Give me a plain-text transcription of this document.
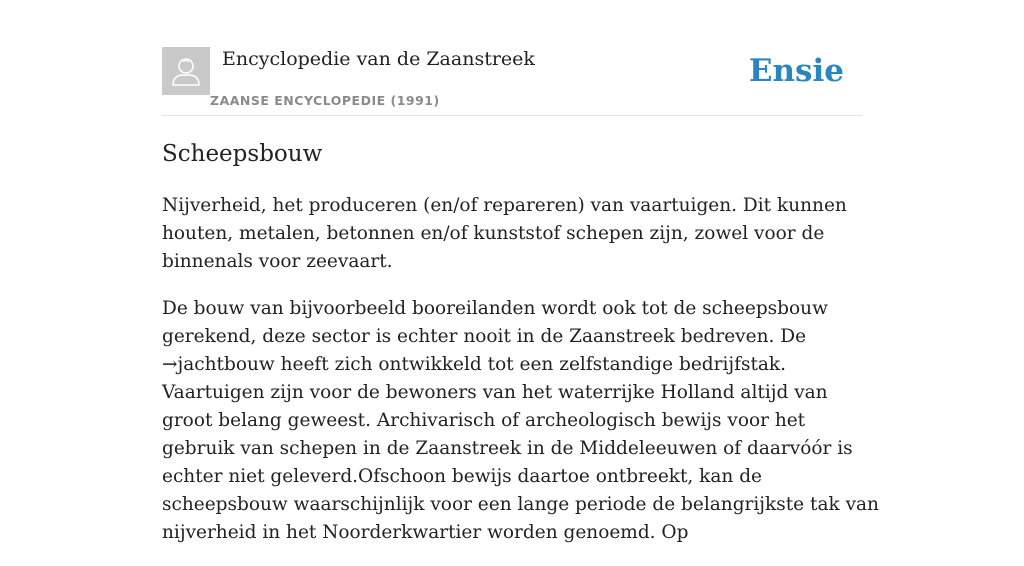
Encyclopedie van de Zaanstreek
ZAANSE ENCYCLOPEDIE (1991)
Ensie
Scheepsbouw

Nijverheid, het produceren (en/of repareren) van vaartuigen. Dit kunnen houten, metalen, betonnen en/of kunststof schepen zijn, zowel voor de binnenals voor zeevaart.

De bouw van bijvoorbeeld booreilanden wordt ook tot de scheepsbouw gerekend, deze sector is echter nooit in de Zaanstreek bedreven. De →jachtbouw heeft zich ontwikkeld tot een zelfstandige bedrijfstak. Vaartuigen zijn voor de bewoners van het waterrijke Holland altijd van groot belang geweest. Archivarisch of archeologisch bewijs voor het gebruik van schepen in de Zaanstreek in de Middeleeuwen of daarvóór is echter niet geleverd.Ofschoon bewijs daartoe ontbreekt, kan de scheepsbouw waarschijnlijk voor een lange periode de belangrijkste tak van nijverheid in het Noorderkwartier worden genoemd. Op
